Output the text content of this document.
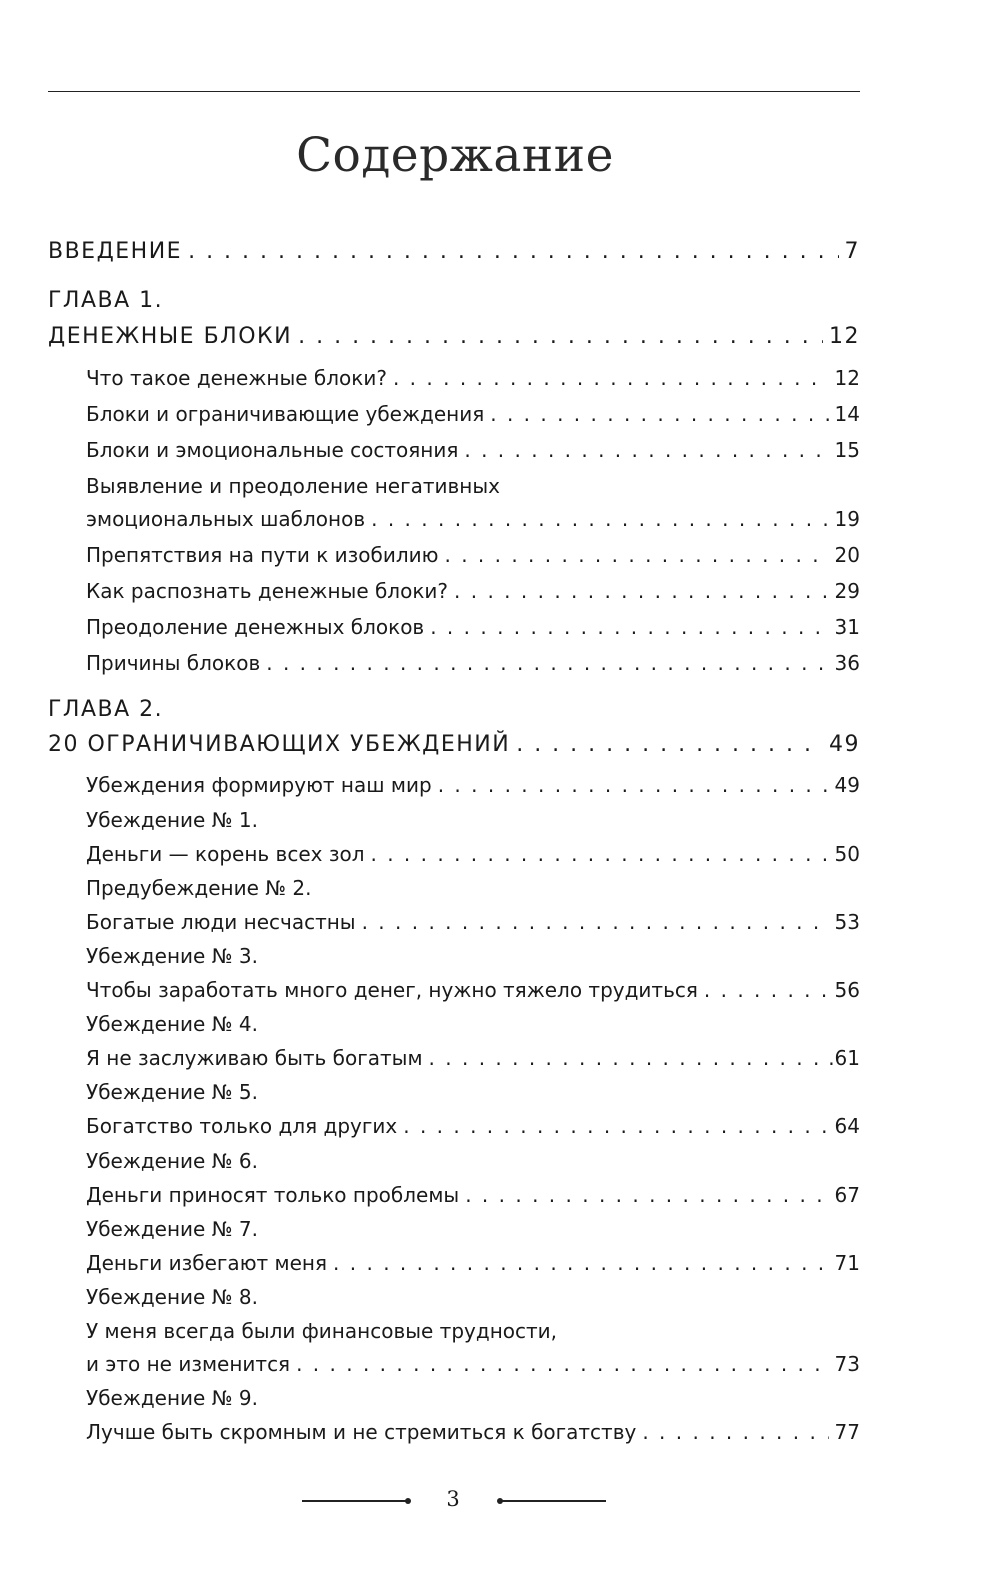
Содержание
ВВЕДЕНИЕ . . .	7
ГЛАВА 1.
ДЕНЕЖНЫЕ БЛОКИ . . .	12
Что такое денежные блоки? . . .	12
Блоки и ограничивающие убеждения . . .	14
Блоки и эмоциональные состояния . . .	15
Выявление и преодоление негативных
эмоциональных шаблонов . . .	19
Препятствия на пути к изобилию . . .	20
Как распознать денежные блоки? . . .	29
Преодоление денежных блоков . . .	31
Причины блоков . . .	36
ГЛАВА 2.
20 ОГРАНИЧИВАЮЩИХ УБЕЖДЕНИЙ . . .	49
Убеждения формируют наш мир . . .	49
Убеждение № 1.
Деньги — корень всех зол . . .	50
Предубеждение № 2.
Богатые люди несчастны . . .	53
Убеждение № 3.
Чтобы заработать много денег, нужно тяжело трудиться . . .	56
Убеждение № 4.
Я не заслуживаю быть богатым . . .	.61
Убеждение № 5.
Богатство только для других . . .	64
Убеждение № 6.
Деньги приносят только проблемы . . .	67
Убеждение № 7.
Деньги избегают меня . . .	71
Убеждение № 8.
У меня всегда были финансовые трудности,
и это не изменится . . .	73
Убеждение № 9.
Лучше быть скромным и не стремиться к богатству . . .	77
3
